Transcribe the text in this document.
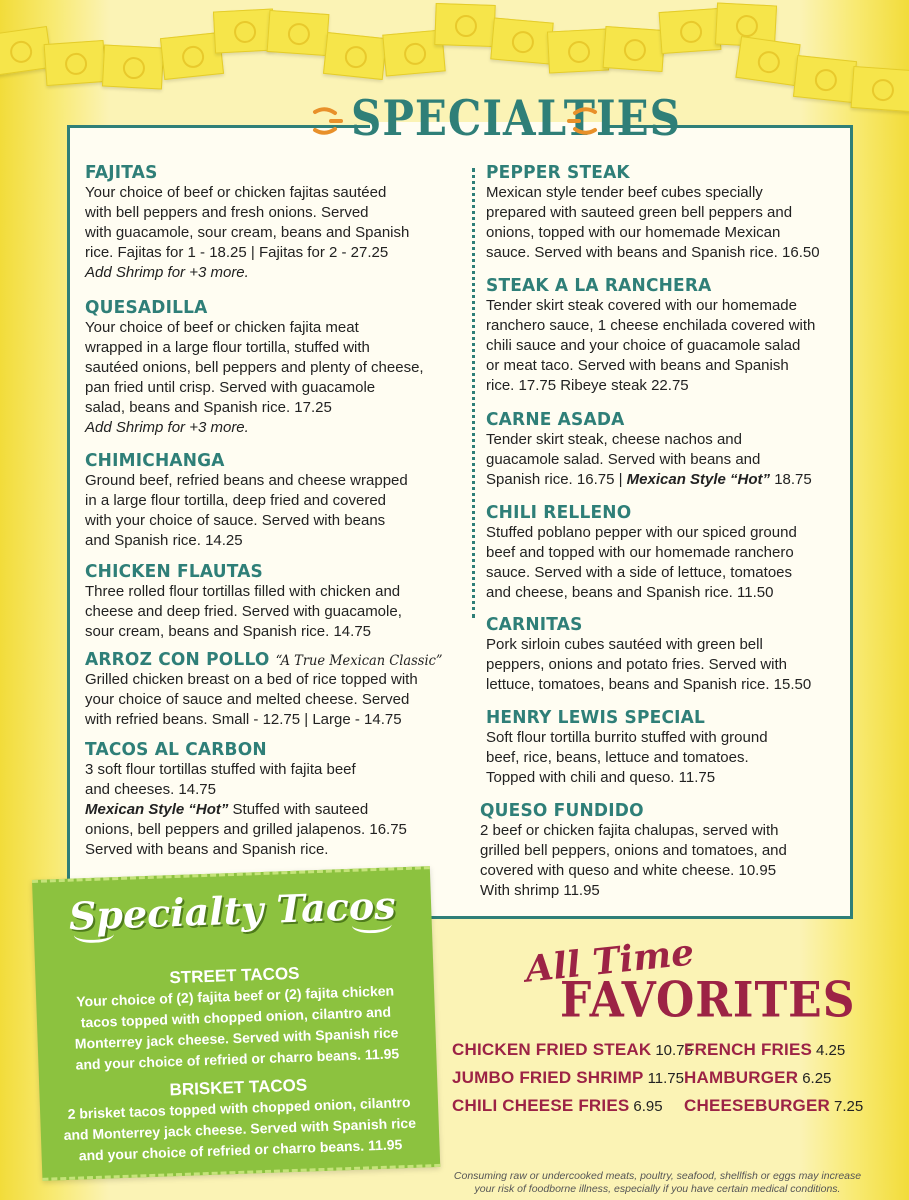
FAJITAS
Your choice of beef or chicken fajitas sautéed
with bell peppers and fresh onions. Served
with guacamole, sour cream, beans and Spanish
rice. Fajitas for 1 - 18.25 | Fajitas for 2 - 27.25
Add Shrimp for +3 more.
QUESADILLA
Your choice of beef or chicken fajita meat
wrapped in a large flour tortilla, stuffed with
sautéed onions, bell peppers and plenty of cheese,
pan fried until crisp. Served with guacamole
salad, beans and Spanish rice. 17.25
Add Shrimp for +3 more.
CHIMICHANGA
Ground beef, refried beans and cheese wrapped
in a large flour tortilla, deep fried and covered
with your choice of sauce. Served with beans
and Spanish rice. 14.25
CHICKEN FLAUTAS
Three rolled flour tortillas filled with chicken and
cheese and deep fried. Served with guacamole,
sour cream, beans and Spanish rice. 14.75
ARROZ CON POLLO “A True Mexican Classic”
Grilled chicken breast on a bed of rice topped with
your choice of sauce and melted cheese. Served
with refried beans. Small - 12.75 | Large - 14.75
TACOS AL CARBON
3 soft flour tortillas stuffed with fajita beef
and cheeses. 14.75
Mexican Style “Hot” Stuffed with sauteed
onions, bell peppers and grilled jalapenos. 16.75
Served with beans and Spanish rice.
PEPPER STEAK
Mexican style tender beef cubes specially
prepared with sauteed green bell peppers and
onions, topped with our homemade Mexican
sauce. Served with beans and Spanish rice. 16.50
STEAK A LA RANCHERA
Tender skirt steak covered with our homemade
ranchero sauce, 1 cheese enchilada covered with
chili sauce and your choice of guacamole salad
or meat taco. Served with beans and Spanish
rice. 17.75 Ribeye steak 22.75
CARNE ASADA
Tender skirt steak, cheese nachos and
guacamole salad. Served with beans and
Spanish rice. 16.75 | Mexican Style “Hot” 18.75
CHILI RELLENO
Stuffed poblano pepper with our spiced ground
beef and topped with our homemade ranchero
sauce. Served with a side of lettuce, tomatoes
and cheese, beans and Spanish rice. 11.50
CARNITAS
Pork sirloin cubes sautéed with green bell
peppers, onions and potato fries. Served with
lettuce, tomatoes, beans and Spanish rice. 15.50
HENRY LEWIS SPECIAL
Soft flour tortilla burrito stuffed with ground
beef, rice, beans, lettuce and tomatoes.
Topped with chili and queso. 11.75
QUESO FUNDIDO
2 beef or chicken fajita chalupas, served with
grilled bell peppers, onions and tomatoes, and
covered with queso and white cheese. 10.95
With shrimp 11.95
SPECIALTIES
Specialty Tacos
STREET TACOS
Your choice of (2) fajita beef or (2) fajita chicken
tacos topped with chopped onion, cilantro and
Monterrey jack cheese. Served with Spanish rice
and your choice of refried or charro beans. 11.95
BRISKET TACOS
2 brisket tacos topped with chopped onion, cilantro
and Monterrey jack cheese. Served with Spanish rice
and your choice of refried or charro beans. 11.95
All Time
FAVORITES
CHICKEN FRIED STEAK 10.75
FRENCH FRIES 4.25
JUMBO FRIED SHRIMP 11.75 HAMBURGER 6.25
CHILI CHEESE FRIES 6.95 CHEESEBURGER 7.25
Consuming raw or undercooked meats, poultry, seafood, shellfish or eggs may increase
your risk of foodborne illness, especially if you have certain medical conditions.
